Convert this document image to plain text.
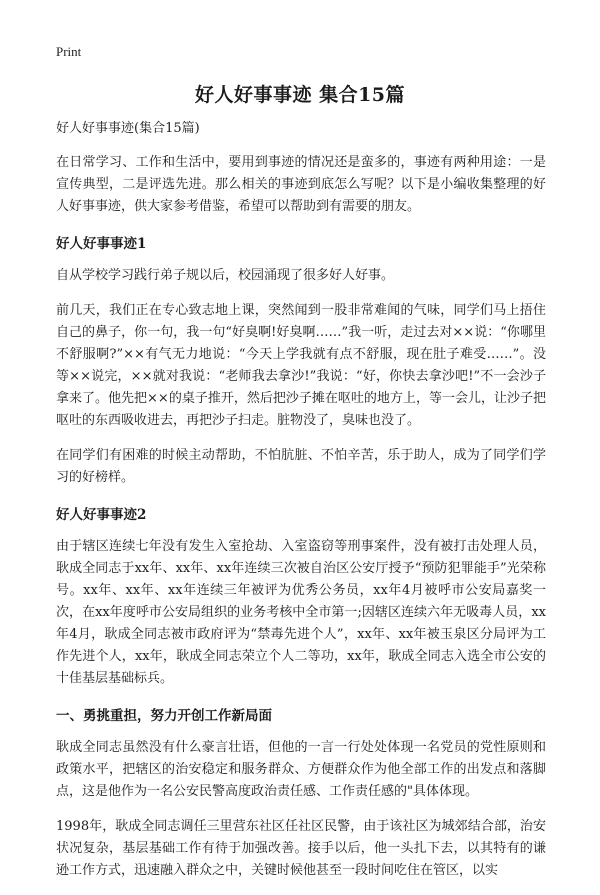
Print
好人好事事迹 集合15篇

好人好事事迹(集合15篇)

在日常学习、工作和生活中，要用到事迹的情况还是蛮多的，事迹有两种用途：一是宣传典型，二是评选先进。那么相关的事迹到底怎么写呢？以下是小编收集整理的好人好事事迹，供大家参考借鉴，希望可以帮助到有需要的朋友。

好人好事事迹1

自从学校学习践行弟子规以后，校园涌现了很多好人好事。

前几天，我们正在专心致志地上课，突然闻到一股非常难闻的气味，同学们马上捂住自己的鼻子，你一句，我一句“好臭啊!好臭啊……”我一听，走过去对××说：“你哪里不舒服啊?”××有气无力地说：“今天上学我就有点不舒服，现在肚子难受……”。没等××说完，××就对我说：“老师我去拿沙!”我说：“好，你快去拿沙吧!”不一会沙子拿来了。他先把××的桌子推开，然后把沙子摊在呕吐的地方上，等一会儿，让沙子把呕吐的东西吸收进去，再把沙子扫走。脏物没了，臭味也没了。

在同学们有困难的时候主动帮助，不怕肮脏、不怕辛苦，乐于助人，成为了同学们学习的好榜样。

好人好事事迹2

由于辖区连续七年没有发生入室抢劫、入室盗窃等刑事案件，没有被打击处理人员，耿成全同志于xx年、xx年、xx年连续三次被自治区公安厅授予“预防犯罪能手”光荣称号。xx年、xx年、xx年连续三年被评为优秀公务员，xx年4月被呼市公安局嘉奖一次，在xx年度呼市公安局组织的业务考核中全市第一;因辖区连续六年无吸毒人员，xx年4月，耿成全同志被市政府评为“禁毒先进个人”，xx年、xx年被玉泉区分局评为工作先进个人，xx年，耿成全同志荣立个人二等功，xx年，耿成全同志入选全市公安的十佳基层基础标兵。

一、勇挑重担，努力开创工作新局面

耿成全同志虽然没有什么豪言壮语，但他的一言一行处处体现一名党员的党性原则和政策水平，把辖区的治安稳定和服务群众、方便群众作为他全部工作的出发点和落脚点，这是他作为一名公安民警高度政治责任感、工作责任感的"具体体现。

1998年，耿成全同志调任三里营东社区任社区民警，由于该社区为城郊结合部，治安状况复杂，基层基础工作有待于加强改善。接手以后，他一头扎下去，以其特有的谦逊工作方式，迅速融入群众之中，关键时候他甚至一段时间吃住在管区，以实
